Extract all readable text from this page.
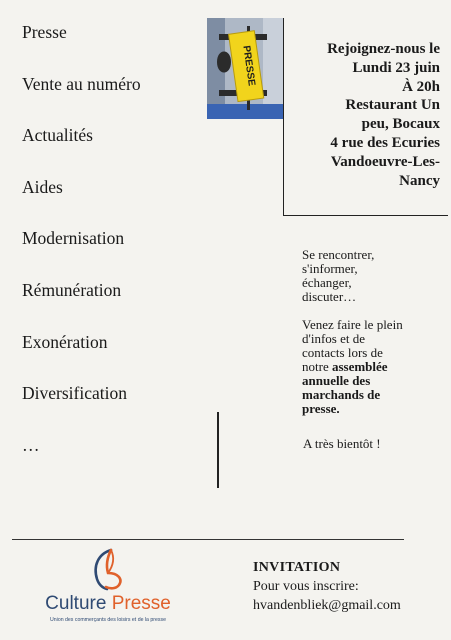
Presse
Vente au numéro
Actualités
Aides
Modernisation
Rémunération
Exonération
Diversification
…
PRESSE	Rejoignez-nous le
Lundi 23 juin
À 20h
Restaurant Un
peu, Bocaux
4 rue des Ecuries
Vandoeuvre-Les-
Nancy

Se rencontrer,
s'informer,
échanger,
discuter…

Venez faire le plein
d'infos et de
contacts lors de
notre assemblée
annuelle des
marchands de
presse.

A très bientôt !
Culture Presse
Union des commerçants des loisirs et de la presse
INVITATION
Pour vous inscrire:
hvandenbliek@gmail.com
